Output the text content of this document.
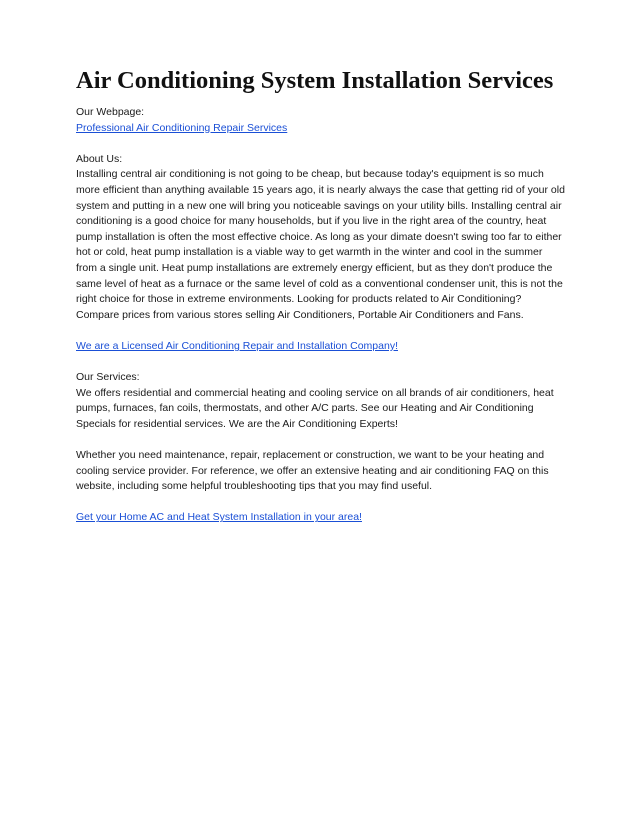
Air Conditioning System Installation Services
Our Webpage:
Professional Air Conditioning Repair Services
About Us:
Installing central air conditioning is not going to be cheap, but because today's equipment is so much more efficient than anything available 15 years ago, it is nearly always the case that getting rid of your old system and putting in a new one will bring you noticeable savings on your utility bills. Installing central air conditioning is a good choice for many households, but if you live in the right area of the country, heat pump installation is often the most effective choice. As long as your dimate doesn't swing too far to either hot or cold, heat pump installation is a viable way to get warmth in the winter and cool in the summer from a single unit. Heat pump installations are extremely energy efficient, but as they don't produce the same level of heat as a furnace or the same level of cold as a conventional condenser unit, this is not the right choice for those in extreme environments. Looking for products related to Air Conditioning? Compare prices from various stores selling Air Conditioners, Portable Air Conditioners and Fans.
We are a Licensed Air Conditioning Repair and Installation Company!
Our Services:
We offers residential and commercial heating and cooling service on all brands of air conditioners, heat pumps, furnaces, fan coils, thermostats, and other A/C parts. See our Heating and Air Conditioning Specials for residential services. We are the Air Conditioning Experts!
Whether you need maintenance, repair, replacement or construction, we want to be your heating and cooling service provider. For reference, we offer an extensive heating and air conditioning FAQ on this website, including some helpful troubleshooting tips that you may find useful.
Get your Home AC and Heat System Installation in your area!
